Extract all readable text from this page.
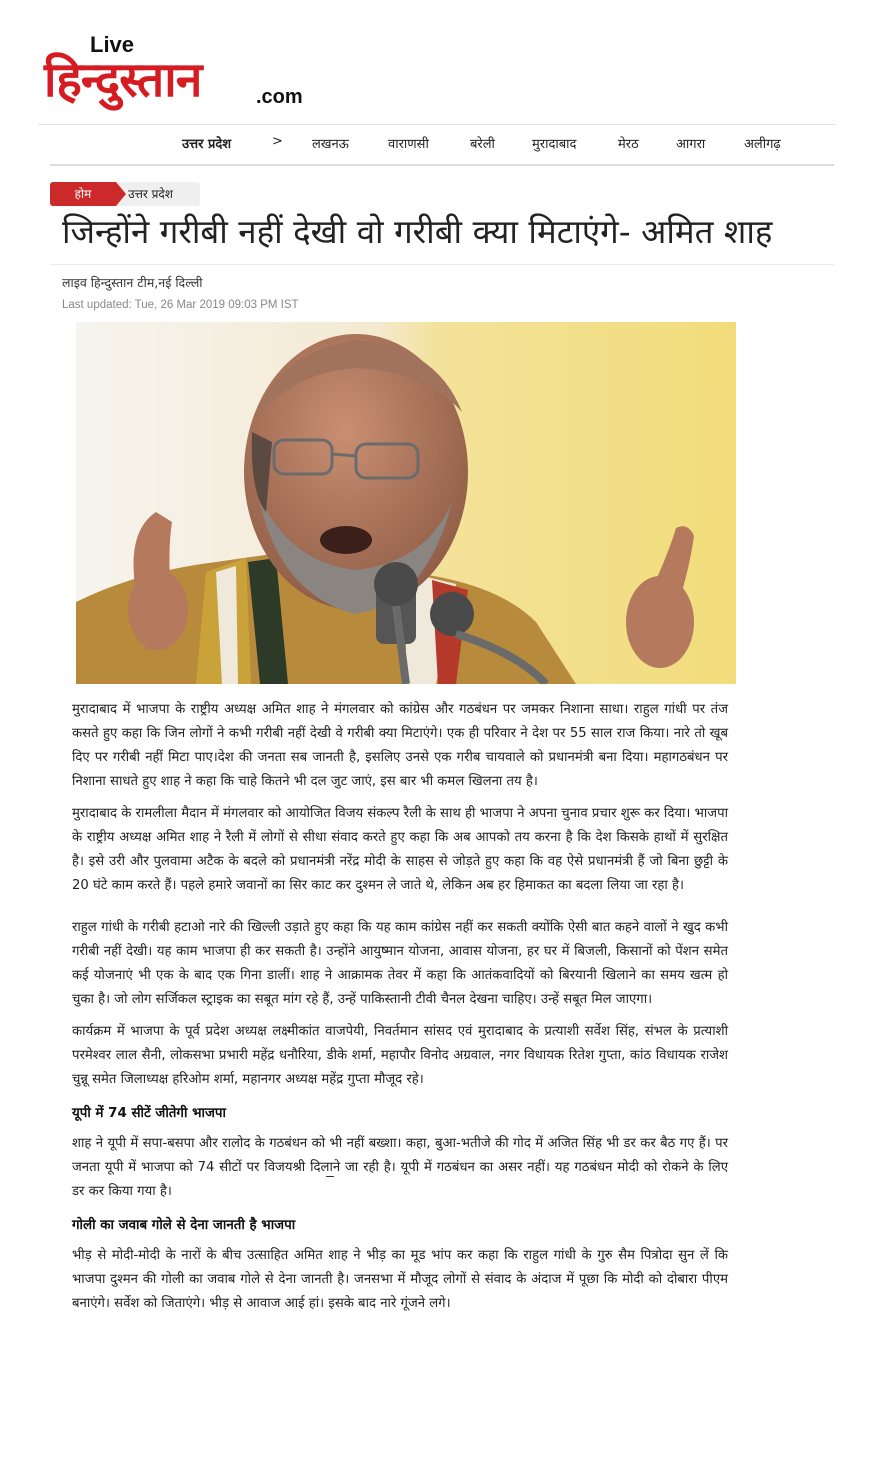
Live
हिन्दुस्तान	.com
उत्तर प्रदेश	> लखनऊ	वाराणसी	बरेली	मुरादाबाद	मेरठ	आगरा	अलीगढ़
होम	उत्तर प्रदेश
जिन्होंने गरीबी नहीं देखी वो गरीबी क्या मिटाएंगे- अमित शाह
लाइव हिन्दुस्तान टीम,नई दिल्ली
Last updated: Tue, 26 Mar 2019 09:03 PM IST

मुरादाबाद में भाजपा के राष्ट्रीय अध्यक्ष अमित शाह ने मंगलवार को कांग्रेस और गठबंधन पर जमकर निशाना साधा। राहुल गांधी पर तंज कसते हुए कहा कि जिन लोगों ने कभी गरीबी नहीं देखी वे गरीबी क्या मिटाएंगे। एक ही परिवार ने देश पर 55 साल राज किया। नारे तो खूब दिए पर गरीबी नहीं मिटा पाए।देश की जनता सब जानती है, इसलिए उनसे एक गरीब चायवाले को प्रधानमंत्री बना दिया। महागठबंधन पर निशाना साधते हुए शाह ने कहा कि चाहे कितने भी दल जुट जाएं, इस बार भी कमल खिलना तय है।

मुरादाबाद के रामलीला मैदान में मंगलवार को आयोजित विजय संकल्प रैली के साथ ही भाजपा ने अपना चुनाव प्रचार शुरू कर दिया। भाजपा के राष्ट्रीय अध्यक्ष अमित शाह ने रैली में लोगों से सीधा संवाद करते हुए कहा कि अब आपको तय करना है कि देश किसके हाथों में सुरक्षित है। इसे उरी और पुलवामा अटैक के बदले को प्रधानमंत्री नरेंद्र मोदी के साहस से जोड़ते हुए कहा कि वह ऐसे प्रधानमंत्री हैं जो बिना छुट्टी के 20 घंटे काम करते हैं। पहले हमारे जवानों का सिर काट कर दुश्मन ले जाते थे, लेकिन अब हर हिमाकत का बदला लिया जा रहा है।

राहुल गांधी के गरीबी हटाओ नारे की खिल्ली उड़ाते हुए कहा कि यह काम कांग्रेस नहीं कर सकती क्योंकि ऐसी बात कहने वालों ने खुद कभी गरीबी नहीं देखी। यह काम भाजपा ही कर सकती है। उन्होंने आयुष्मान योजना, आवास योजना, हर घर में बिजली, किसानों को पेंशन समेत कई योजनाएं भी एक के बाद एक गिना डालीं। शाह ने आक्रामक तेवर में कहा कि आतंकवादियों को बिरयानी खिलाने का समय खत्म हो चुका है। जो लोग सर्जिकल स्ट्राइक का सबूत मांग रहे हैं, उन्हें पाकिस्तानी टीवी चैनल देखना चाहिए। उन्हें सबूत मिल जाएगा।

कार्यक्रम में भाजपा के पूर्व प्रदेश अध्यक्ष लक्ष्मीकांत वाजपेयी, निवर्तमान सांसद एवं मुरादाबाद के प्रत्याशी सर्वेश सिंह, संभल के प्रत्याशी परमेश्वर लाल सैनी, लोकसभा प्रभारी महेंद्र धनौरिया, डीके शर्मा, महापौर विनोद अग्रवाल, नगर विधायक रितेश गुप्ता, कांठ विधायक राजेश चुन्नू समेत जिलाध्यक्ष हरिओम शर्मा, महानगर अध्यक्ष महेंद्र गुप्ता मौजूद रहे।

यूपी में 74 सीटें जीतेगी भाजपा

शाह ने यूपी में सपा-बसपा और रालोद के गठबंधन को भी नहीं बख्शा। कहा, बुआ-भतीजे की गोद में अजित सिंह भी डर कर बैठ गए हैं। पर जनता यूपी में भाजपा को 74 सीटों पर विजयश्री दिलाने जा रही है। यूपी में गठबंधन का असर नहीं। यह गठबंधन मोदी को रोकने के लिए डर कर किया गया है।

गोली का जवाब गोले से देना जानती है भाजपा

भीड़ से मोदी-मोदी के नारों के बीच उत्साहित अमित शाह ने भीड़ का मूड भांप कर कहा कि राहुल गांधी के गुरु सैम पित्रोदा सुन लें कि भाजपा दुश्मन की गोली का जवाब गोले से देना जानती है। जनसभा में मौजूद लोगों से संवाद के अंदाज में पूछा कि मोदी को दोबारा पीएम बनाएंगे। सर्वेश को जिताएंगे। भीड़ से आवाज आई हां। इसके बाद नारे गूंजने लगे।
